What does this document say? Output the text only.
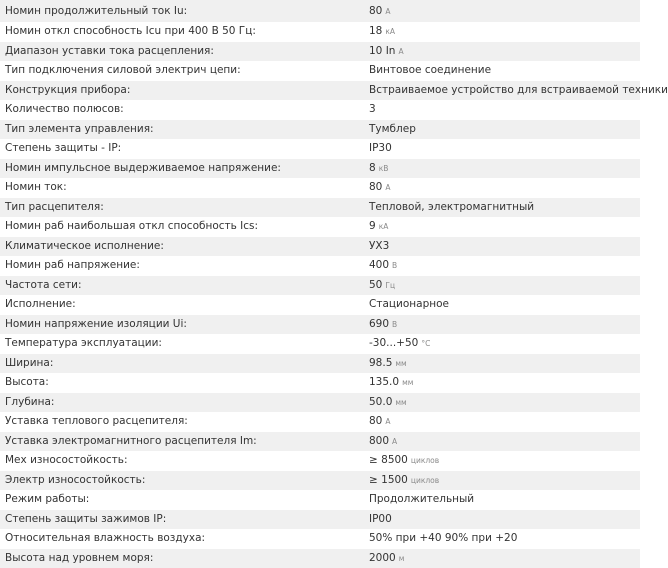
Номин продолжительный ток Iu:	80 А
Номин откл способность Icu при 400 В 50 Гц:	18 кА
Диапазон уставки тока расцепления:	10 In А
Тип подключения силовой электрич цепи:	Винтовое соединение
Конструкция прибора:	Встраиваемое устройство для встраиваемой техники
Количество полюсов:	3
Тип элемента управления:	Тумблер
Степень защиты - IP:	IP30
Номин импульсное выдерживаемое напряжение:	8 кВ
Номин ток:	80 А
Тип расцепителя:	Тепловой, электромагнитный
Номин раб наибольшая откл способность Ics:	9 кА
Климатическое исполнение:	УХ3
Номин раб напряжение:	400 В
Частота сети:	50 Гц
Исполнение:	Стационарное
Номин напряжение изоляции Ui:	690 В
Температура эксплуатации:	-30...+50 °C
Ширина:	98.5 мм
Высота:	135.0 мм
Глубина:	50.0 мм
Уставка теплового расцепителя:	80 А
Уставка электромагнитного расцепителя Im:	800 А
Мех износостойкость:	≥ 8500 циклов
Электр износостойкость:	≥ 1500 циклов
Режим работы:	Продолжительный
Степень защиты зажимов IP:	IP00
Относительная влажность воздуха:	50% при +40 90% при +20
Высота над уровнем моря:	2000 м
